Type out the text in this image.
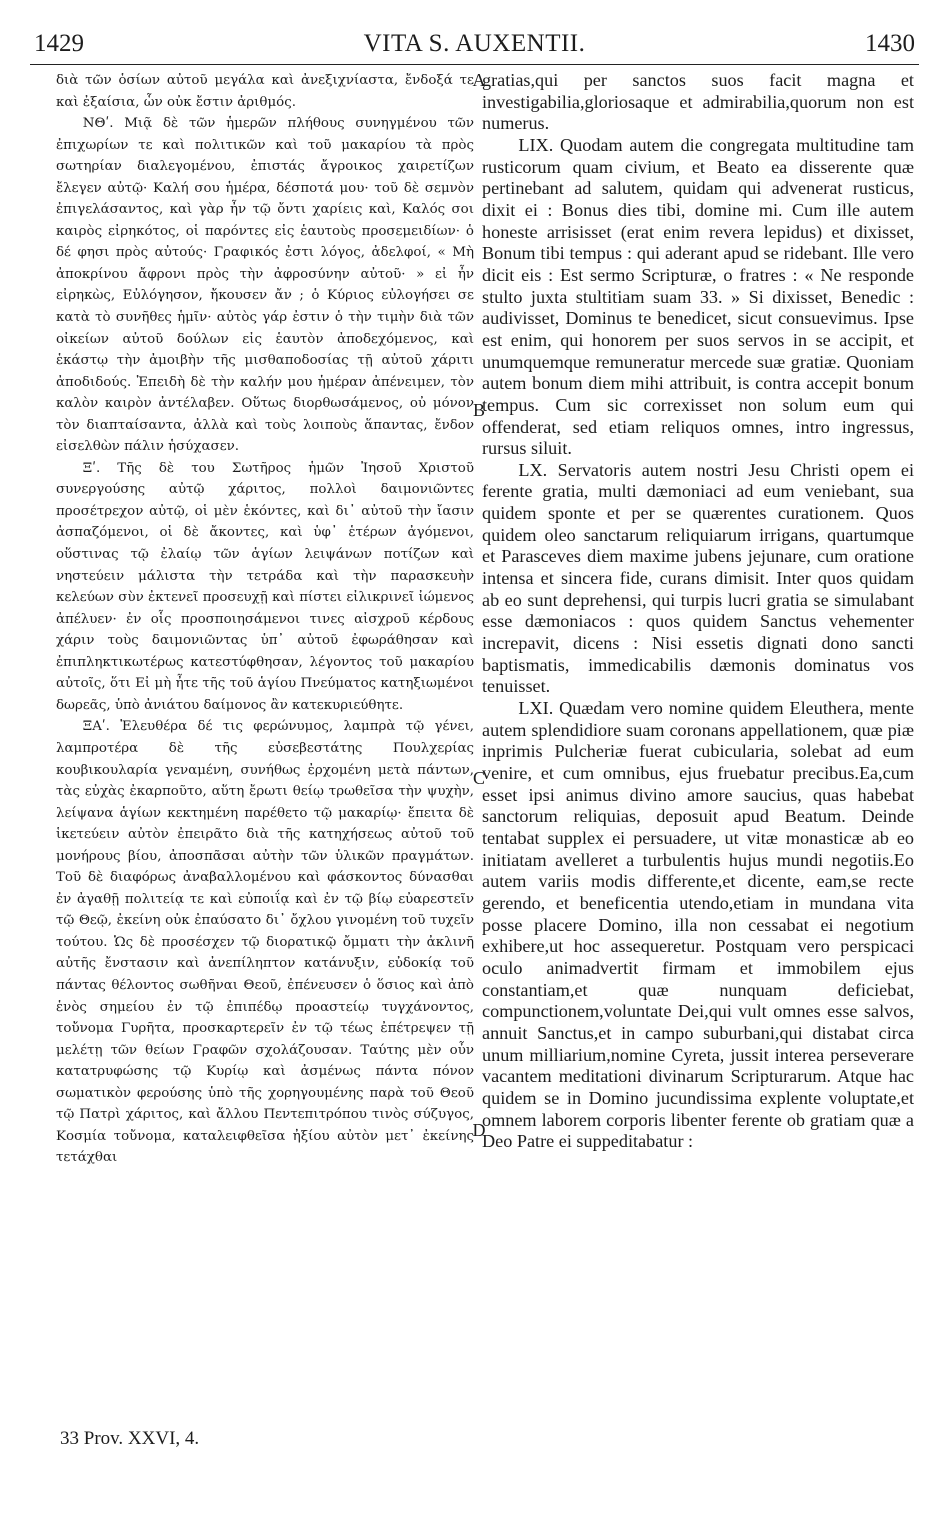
1429	VITA S. AUXENTII.	1430

διὰ τῶν ὁσίων αὐτοῦ μεγάλα καὶ ἀνεξιχνίαστα, ἔνδοξά τε καὶ ἐξαίσια, ὧν οὐκ ἔστιν ἀριθμός.

ΝΘʹ. Μιᾷ δὲ τῶν ἡμερῶν πλήθους συνηγμένου τῶν ἐπιχωρίων τε καὶ πολιτικῶν καὶ τοῦ μακαρίου τὰ πρὸς σωτηρίαν διαλεγομένου, ἐπιστάς ἄγροικος χαιρετίζων ἔλεγεν αὐτῷ· Καλή σου ἡμέρα, δέσποτά μου· τοῦ δὲ σεμνὸν ἐπιγελάσαντος, καὶ γὰρ ἦν τῷ ὄντι χαρίεις καὶ, Καλός σοι καιρὸς εἰρηκότος, οἱ παρόντες εἰς ἑαυτοὺς προσεμειδίων· ὁ δέ φησι πρὸς αὐτούς· Γραφικός ἐστι λόγος, ἀδελφοί, « Μὴ ἀποκρίνου ἄφρονι πρὸς τὴν ἀφροσύνην αὐτοῦ· » εἰ ἦν εἰρηκὼς, Εὐλόγησον, ἤκουσεν ἄν ; ὁ Κύριος εὐλογήσει σε κατὰ τὸ συνῆθες ἡμῖν· αὐτὸς γάρ ἐστιν ὁ τὴν τιμὴν διὰ τῶν οἰκείων αὐτοῦ δούλων εἰς ἑαυτὸν ἀποδεχόμενος, καὶ ἑκάστῳ τὴν ἀμοιβὴν τῆς μισθαποδοσίας τῇ αὐτοῦ χάριτι ἀποδιδούς. Ἐπειδὴ δὲ τὴν καλήν μου ἡμέραν ἀπένειμεν, τὸν καλὸν καιρὸν ἀντέλαβεν. Οὕτως διορθωσάμενος, οὐ μόνον τὸν διαπταίσαντα, ἀλλὰ καὶ τοὺς λοιποὺς ἅπαντας, ἔνδον εἰσελθὼν πάλιν ἡσύχασεν.

Ξʹ. Τῆς δὲ του Σωτῆρος ἡμῶν Ἰησοῦ Χριστοῦ συνεργούσης αὐτῷ χάριτος, πολλοὶ δαιμονιῶντες προσέτρεχον αὐτῷ, οἱ μὲν ἑκόντες, καὶ δι᾽ αὐτοῦ τὴν ἴασιν ἀσπαζόμενοι, οἱ δὲ ἄκοντες, καὶ ὑφ᾽ ἑτέρων ἀγόμενοι, οὕστινας τῷ ἐλαίῳ τῶν ἁγίων λειψάνων ποτίζων καὶ νηστεύειν μάλιστα τὴν τετράδα καὶ τὴν παρασκευὴν κελεύων σὺν ἐκτενεῖ προσευχῇ καὶ πίστει εἰλικρινεῖ ἰώμενος ἀπέλυεν· ἐν οἷς προσποιησάμενοι τινες αἰσχροῦ κέρδους χάριν τοὺς δαιμονιῶντας ὑπ᾽ αὐτοῦ ἐφωράθησαν καὶ ἐπιπληκτικωτέρως κατεστύφθησαν, λέγοντος τοῦ μακαρίου αὐτοῖς, ὅτι Εἰ μὴ ἦτε τῆς τοῦ ἁγίου Πνεύματος κατηξιωμένοι δωρεᾶς, ὑπὸ ἀνιάτου δαίμονος ἂν κατεκυριεύθητε.

ΞΑʹ. Ἐλευθέρα δέ τις φερώνυμος, λαμπρὰ τῷ γένει, λαμπροτέρα δὲ τῆς εὐσεβεστάτης Πουλχερίας κουβικουλαρία γεναμένη, συνήθως ἐρχομένη μετὰ πάντων, τὰς εὐχὰς ἐκαρποῦτο, αὕτη ἔρωτι θείῳ τρωθεῖσα τὴν ψυχὴν, λείψανα ἁγίων κεκτημένη παρέθετο τῷ μακαρίῳ· ἔπειτα δὲ ἱκετεύειν αὐτὸν ἐπειρᾶτο διὰ τῆς κατηχήσεως αὐτοῦ τοῦ μονήρους βίου, ἀποσπᾶσαι αὐτὴν τῶν ὑλικῶν πραγμάτων. Τοῦ δὲ διαφόρως ἀναβαλλομένου καὶ φάσκοντος δύνασθαι ἐν ἀγαθῇ πολιτείᾳ τε καὶ εὐποιΐᾳ καὶ ἐν τῷ βίῳ εὐαρεστεῖν τῷ Θεῷ, ἐκείνη οὐκ ἐπαύσατο δι᾽ ὄχλου γινομένη τοῦ τυχεῖν τούτου. Ὡς δὲ προσέσχεν τῷ διορατικῷ ὄμματι τὴν ἀκλινῆ αὐτῆς ἔνστασιν καὶ ἀνεπίληπτον κατάνυξιν, εὐδοκίᾳ τοῦ πάντας θέλοντος σωθῆναι Θεοῦ, ἐπένευσεν ὁ ὅσιος καὶ ἀπὸ ἑνὸς σημείου ἐν τῷ ἐπιπέδῳ προαστείῳ τυγχάνοντος, τοὔνομα Γυρῆτα, προσκαρτερεῖν ἐν τῷ τέως ἐπέτρεψεν τῇ μελέτῃ τῶν θείων Γραφῶν σχολάζουσαν. Ταύτης μὲν οὖν κατατρυφώσης τῷ Κυρίῳ καὶ ἀσμένως πάντα πόνον σωματικὸν φερούσης ὑπὸ τῆς χορηγουμένης παρὰ τοῦ Θεοῦ τῷ Πατρὶ χάριτος, καὶ ἄλλου Πεντεπιτρόπου τινὸς σύζυγος, Κοσμία τοὔνομα, καταλειφθεῖσα ἠξίου αὐτὸν μετ᾽ ἐκείνης τετάχθαι

A
B
C
D

gratias,qui per sanctos suos facit magna et investigabilia,gloriosaque et admirabilia,quorum non est numerus.

LIX. Quodam autem die congregata multitudine tam rusticorum quam civium, et Beato ea disserente quæ pertinebant ad salutem, quidam qui advenerat rusticus, dixit ei : Bonus dies tibi, domine mi. Cum ille autem honeste arrisisset (erat enim revera lepidus) et dixisset, Bonum tibi tempus : qui aderant apud se ridebant. Ille vero dicit eis : Est sermo Scripturæ, o fratres : « Ne responde stulto juxta stultitiam suam 33. » Si dixisset, Benedic : audivisset, Dominus te benedicet, sicut consuevimus. Ipse est enim, qui honorem per suos servos in se accipit, et unumquemque remuneratur mercede suæ gratiæ. Quoniam autem bonum diem mihi attribuit, is contra accepit bonum tempus. Cum sic correxisset non solum eum qui offenderat, sed etiam reliquos omnes, intro ingressus, rursus siluit.

LX. Servatoris autem nostri Jesu Christi opem ei ferente gratia, multi dæmoniaci ad eum veniebant, sua quidem sponte et per se quærentes curationem. Quos quidem oleo sanctarum reliquiarum irrigans, quartumque et Parasceves diem maxime jubens jejunare, cum oratione intensa et sincera fide, curans dimisit. Inter quos quidam ab eo sunt deprehensi, qui turpis lucri gratia se simulabant esse dæmoniacos : quos quidem Sanctus vehementer increpavit, dicens : Nisi essetis dignati dono sancti baptismatis, immedicabilis dæmonis dominatus vos tenuisset.

LXI. Quædam vero nomine quidem Eleuthera, mente autem splendidiore suam coronans appellationem, quæ piæ inprimis Pulcheriæ fuerat cubicularia, solebat ad eum venire, et cum omnibus, ejus fruebatur precibus.Ea,cum esset ipsi animus divino amore saucius, quas habebat sanctorum reliquias, deposuit apud Beatum. Deinde tentabat supplex ei persuadere, ut vitæ monasticæ ab eo initiatam avelleret a turbulentis hujus mundi negotiis.Eo autem variis modis differente,et dicente, eam,se recte gerendo, et beneficentia utendo,etiam in mundana vita posse placere Domino, illa non cessabat ei negotium exhibere,ut hoc assequeretur. Postquam vero perspicaci oculo animadvertit firmam et immobilem ejus constantiam,et quæ nunquam deficiebat, compunctionem,voluntate Dei,qui vult omnes esse salvos, annuit Sanctus,et in campo suburbani,qui distabat circa unum milliarium,nomine Cyreta, jussit interea perseverare vacantem meditationi divinarum Scripturarum. Atque hac quidem se in Domino jucundissima explente voluptate,et omnem laborem corporis libenter ferente ob gratiam quæ a Deo Patre ei suppeditabatur :

33 Prov. XXVI, 4.
